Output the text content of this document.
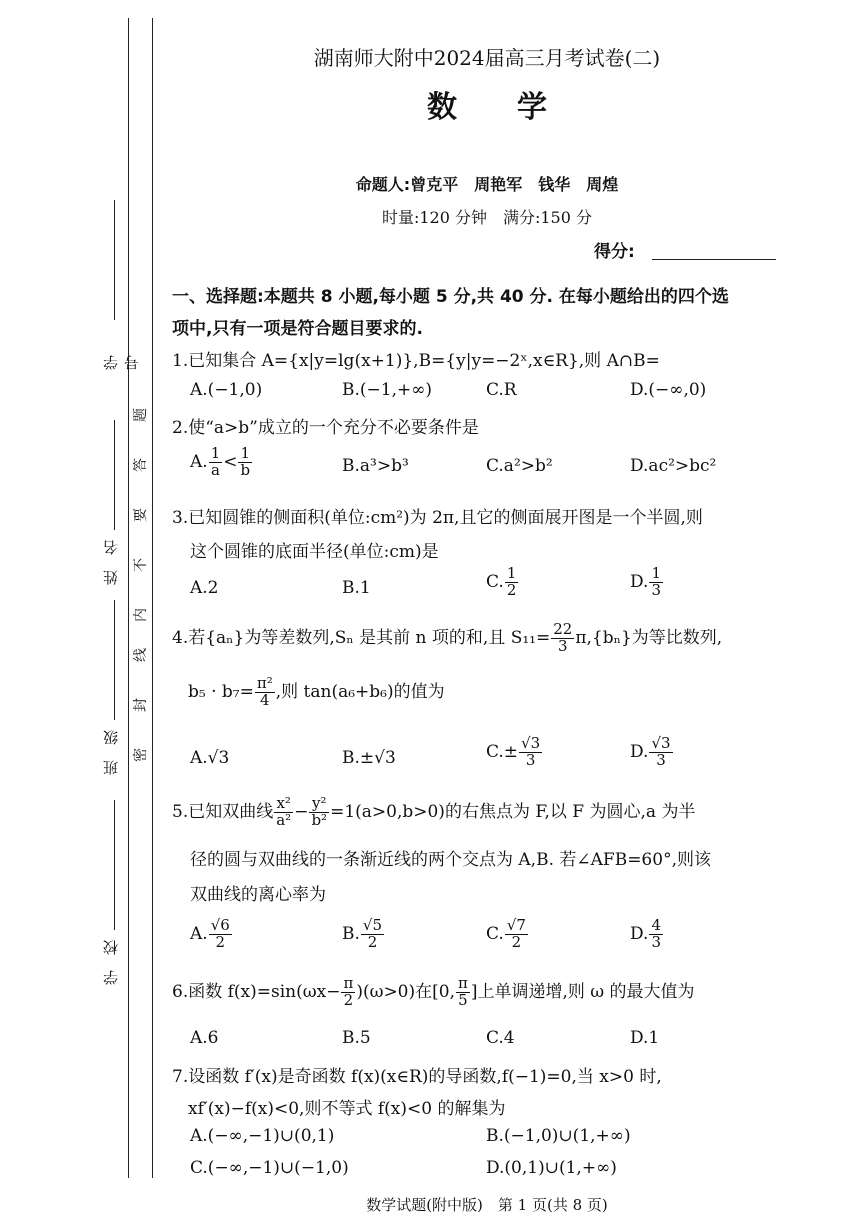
学　号
姓　名
班　级
学　校
题
答
要
不
内
线
封
密
湖南师大附中2024届高三月考试卷(二)
数　　学
命题人:曾克平　周艳军　钱华　周煌
时量:120 分钟　满分:150 分
得分:
一、选择题:本题共 8 小题,每小题 5 分,共 40 分. 在每小题给出的四个选
项中,只有一项是符合题目要求的.
1.已知集合 A={x|y=lg(x+1)},B={y|y=−2ˣ,x∈R},则 A∩B=
A.(−1,0)	B.(−1,+∞)	C.R	D.(−∞,0)
2.使“a>b”成立的一个充分不必要条件是
A. $\frac{1}{a} < \frac{1}{b}$	B.a³>b³	C.a²>b²	D.ac²>bc²
3.已知圆锥的侧面积(单位:cm²)为 2π,且它的侧面展开图是一个半圆,则
这个圆锥的底面半径(单位:cm)是
A.2	B.1	C. $\frac{1}{2}$	D. $\frac{1}{3}$
4.若{aₙ}为等差数列,Sₙ 是其前 n 项的和,且 $S_{11}= \frac{22}{3} \pi,\{b_n\}$为等比数列,
$b_5 \cdot b_7= \frac{\text{π²}}{4}$ ,则 tan(a₆+b₆)的值为
A.√3	B.±√3	$C.\pm \frac{√3}{3}$	D. $\frac{√3}{3}$
5.已知双曲线 $\frac{\text{x²}}{\text{a²}} - \frac{\text{y²}}{\text{b²}} =1(a>0,b>0)$的右焦点为 F,以 F 为圆心,a 为半
径的圆与双曲线的一条渐近线的两个交点为 A,B. 若∠AFB=60°,则该
双曲线的离心率为
A. $\frac{√6}{2}$	B. $\frac{√5}{2}$	C. $\frac{√7}{2}$	D. $\frac{4}{3}$
6.函数 $f(x)=\sin(\omega x- \frac{\pi}{2} )(\omega>0)$在[0, $\frac{\pi}{5}$ ]上单调递增,则 ω 的最大值为
A.6	B.5	C.4	D.1
7.设函数 f′(x)是奇函数 f(x)(x∈R)的导函数,f(−1)=0,当 x>0 时,
xf′(x)−f(x)<0,则不等式 f(x)<0 的解集为
A.(−∞,−1)∪(0,1)	B.(−1,0)∪(1,+∞)
C.(−∞,−1)∪(−1,0)	D.(0,1)∪(1,+∞)
数学试题(附中版)　第 1 页(共 8 页)
